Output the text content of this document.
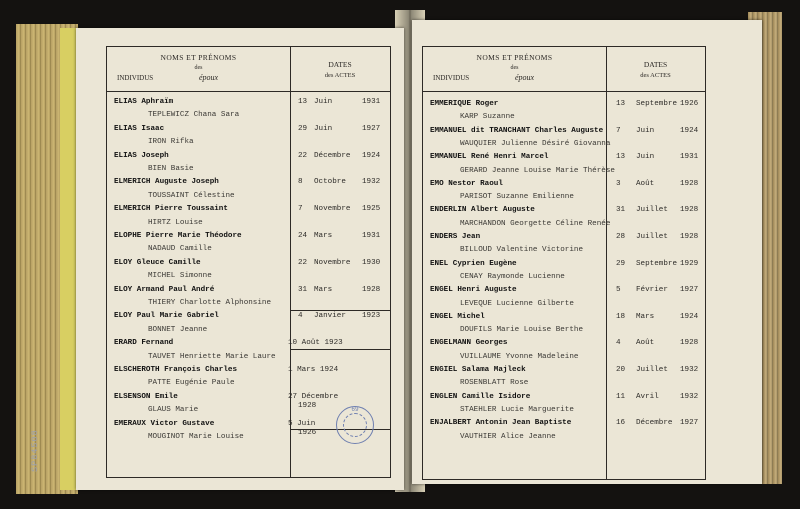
SP84508
NOMS ET PRÉNOMS
des
INDIVIDUS	époux
DATES
des ACTES
ELIAS Aphraïm
TEPLEWICZ Chana Sara
13 Juin	1931
ELIAS Isaac
IRON Rifka
29 Juin	1927
ELIAS Joseph
BIEN Basie
22 Décembre 1924
ELMERICH Auguste Joseph
TOUSSAINT Célestine
8 Octobre 1932
ELMERICH Pierre Toussaint
HIRTZ Louise
7 Novembre 1925
ELOPHE Pierre Marie Théodore
NADAUD Camille
24 Mars	1931
ELOY Gleuce Camille
MICHEL Simonne
22 Novembre 1930
ELOY Armand Paul André
THIERY Charlotte Alphonsine
31 Mars	1928
ELOY Paul Marie Gabriel
BONNET Jeanne
4 Janvier 1923
ERARD Fernand
TAUVET Henriette Marie Laure
10 Août 1923
ELSCHEROTH François Charles
PATTE Eugénie Paule
1 Mars 1924
ELSENSON Emile
GLAUS Marie
27 Décembre
1928
EMERAUX Victor Gustave
MOUGINOT Marie Louise
5 Juin
1926
NOMS ET PRÉNOMS
des
INDIVIDUS	époux
DATES
des ACTES
EMMERIQUE Roger
KARP Suzanne
13 Septembre 1926
EMMANUEL dit TRANCHANT Charles Auguste
WAUQUIER Julienne Désiré Giovanna
7 Juin	1924
EMMANUEL René Henri Marcel
GERARD Jeanne Louise Marie Thérèse
13 Juin	1931
EMO Nestor Raoul
PARISOT Suzanne Emilienne
3 Août	1928
ENDERLIN Albert Auguste
MARCHANDON Georgette Céline Renée
31 Juillet 1928
ENDERS Jean
BILLOUD Valentine Victorine
28 Juillet 1928
ENEL Cyprien Eugène
CENAY Raymonde Lucienne
29 Septembre 1929
ENGEL Henri Auguste
LEVEQUE Lucienne Gilberte
5 Février 1927
ENGEL Michel
DOUFILS Marie Louise Berthe
18 Mars	1924
ENGELMANN Georges
VUILLAUME Yvonne Madeleine
4 Août	1928
ENGIEL Salama Majleck
ROSENBLATT Rose
20 Juillet 1932
ENGLEN Camille Isidore
STAEHLER Lucie Marguerite
11 Avril	1932
ENJALBERT Antonin Jean Baptiste
VAUTHIER Alice Jeanne
16 Décembre 1927
69
